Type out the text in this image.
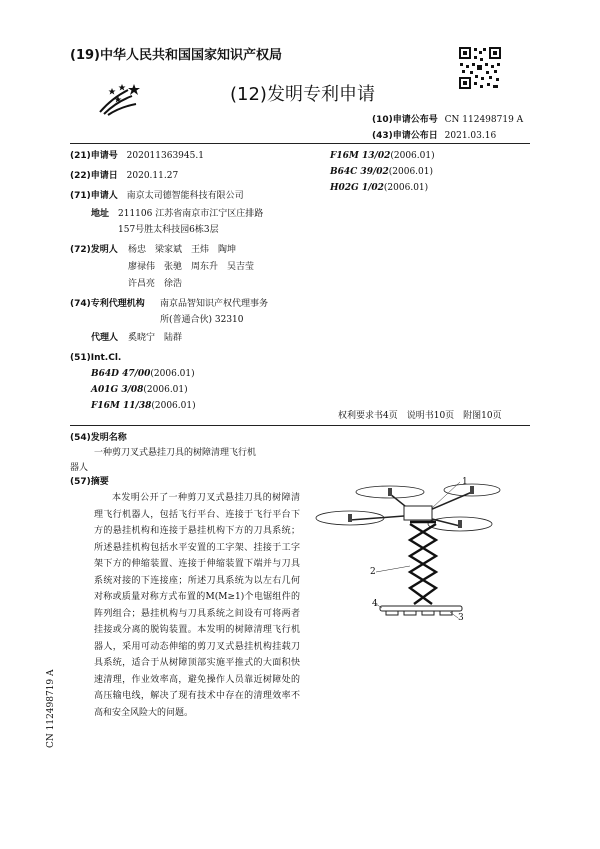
(19)中华人民共和国国家知识产权局
(12)发明专利申请
(10)申请公布号 CN 112498719 A
(43)申请公布日 2021.03.16
(21)申请号 202011363945.1
(22)申请日 2020.11.27
(71)申请人 南京太司德智能科技有限公司
地址 211106 江苏省南京市江宁区庄排路
157号胜太科技园6栋3层
(72)发明人 杨忠　梁家斌　王炜　陶坤
廖禄伟　张驰　周东升　吴吉莹
许昌亮　徐浩
(74)专利代理机构 南京品智知识产权代理事务
所(普通合伙) 32310
代理人 奚晓宁　陆群
(51)Int.Cl.
B64D 47/00(2006.01)
A01G 3/08(2006.01)
F16M 11/38(2006.01)
F16M 13/02(2006.01)
B64C 39/02(2006.01)
H02G 1/02(2006.01)
权利要求书4页　说明书10页　附图10页
(54)发明名称
一种剪刀叉式悬挂刀具的树障清理飞行机
器人
(57)摘要
本发明公开了一种剪刀叉式悬挂刀具的树障清理飞行机器人，包括飞行平台、连接于飞行平台下方的悬挂机构和连接于悬挂机构下方的刀具系统；所述悬挂机构包括水平安置的工字架、挂接于工字架下方的伸缩装置、连接于伸缩装置下端并与刀具系统对接的下连接座；所述刀具系统为以左右几何对称或质量对称方式布置的M(M≥1)个电锯组件的阵列组合；悬挂机构与刀具系统之间设有可将两者挂接或分离的脱钩装置。本发明的树障清理飞行机器人，采用可动态伸缩的剪刀叉式悬挂机构挂载刀具系统，适合于从树障顶部实施平推式的大面积快速清理，作业效率高，避免操作人员靠近树障处的高压输电线，解决了现有技术中存在的清理效率不高和安全风险大的问题。
1
2
3
4
CN 112498719 A
